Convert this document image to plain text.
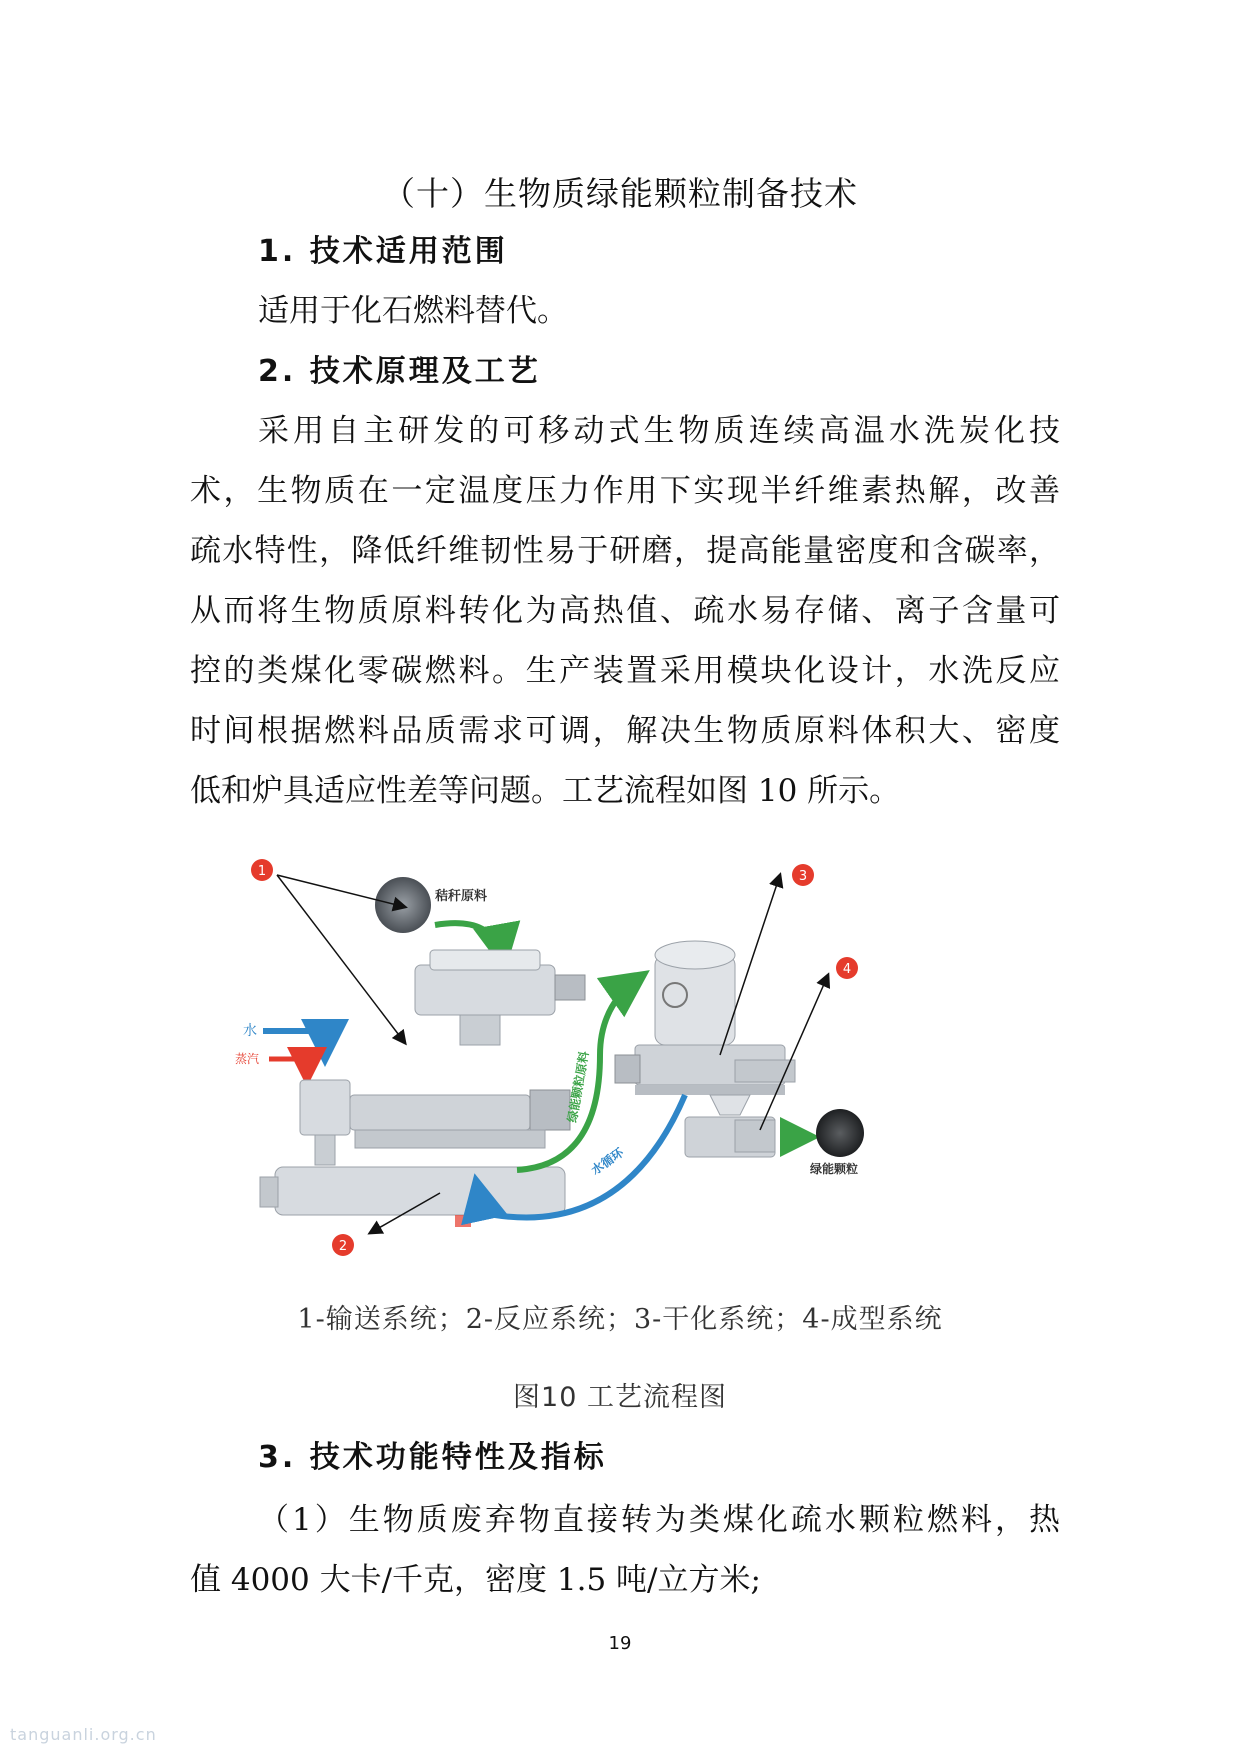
（十）生物质绿能颗粒制备技术
1. 技术适用范围
适用于化石燃料替代。
2. 技术原理及工艺
采用自主研发的可移动式生物质连续高温水洗炭化技
术，生物质在一定温度压力作用下实现半纤维素热解，改善
疏水特性，降低纤维韧性易于研磨，提高能量密度和含碳率，
从而将生物质原料转化为高热值、疏水易存储、离子含量可
控的类煤化零碳燃料。生产装置采用模块化设计，水洗反应
时间根据燃料品质需求可调，解决生物质原料体积大、密度
低和炉具适应性差等问题。工艺流程如图 10 所示。
秸秆原料
水
蒸汽
绿能颗粒
绿能颗粒原料
水循环
1
2
3
4
1-输送系统；2-反应系统；3-干化系统；4-成型系统
图10 工艺流程图
3. 技术功能特性及指标
（1）生物质废弃物直接转为类煤化疏水颗粒燃料，热
值 4000 大卡/千克，密度 1.5 吨/立方米;
19
tanguanli.org.cn
